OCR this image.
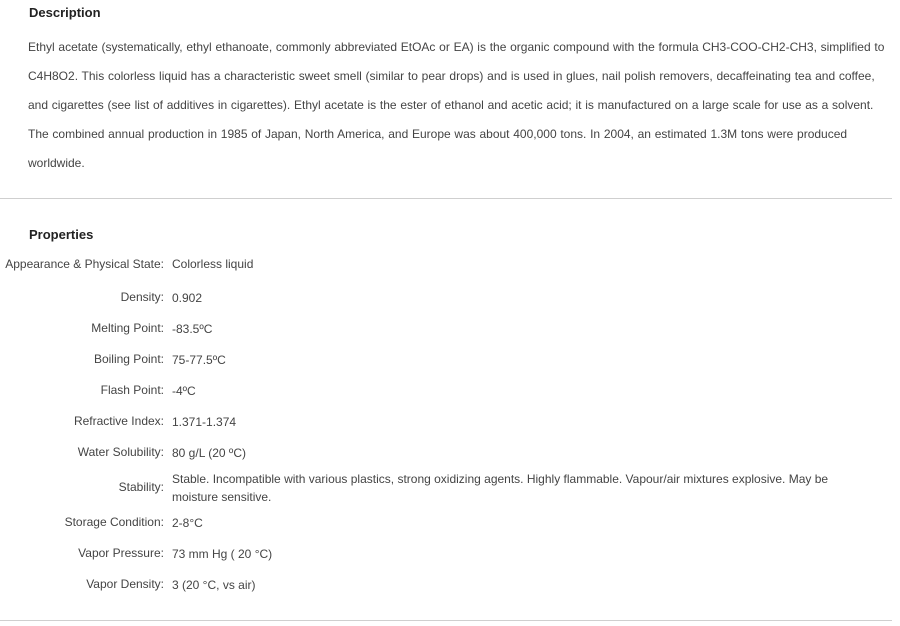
Description

Ethyl acetate (systematically, ethyl ethanoate, commonly abbreviated EtOAc or EA) is the organic compound with the formula CH3-COO-CH2-CH3, simplified to C4H8O2. This colorless liquid has a characteristic sweet smell (similar to pear drops) and is used in glues, nail polish removers, decaffeinating tea and coffee, and cigarettes (see list of additives in cigarettes). Ethyl acetate is the ester of ethanol and acetic acid; it is manufactured on a large scale for use as a solvent. The combined annual production in 1985 of Japan, North America, and Europe was about 400,000 tons. In 2004, an estimated 1.3M tons were produced worldwide.

Properties
Appearance & Physical State:	Colorless liquid
Density:	0.902
Melting Point:	-83.5ºC
Boiling Point:	75-77.5ºC
Flash Point:	-4ºC
Refractive Index:	1.371-1.374
Water Solubility:	80 g/L (20 ºC)
Stability:	Stable. Incompatible with various plastics, strong oxidizing agents. Highly flammable. Vapour/air mixtures explosive. May be moisture sensitive.
Storage Condition:	2-8°C
Vapor Pressure:	73 mm Hg ( 20 °C)
Vapor Density:	3 (20 °C, vs air)
